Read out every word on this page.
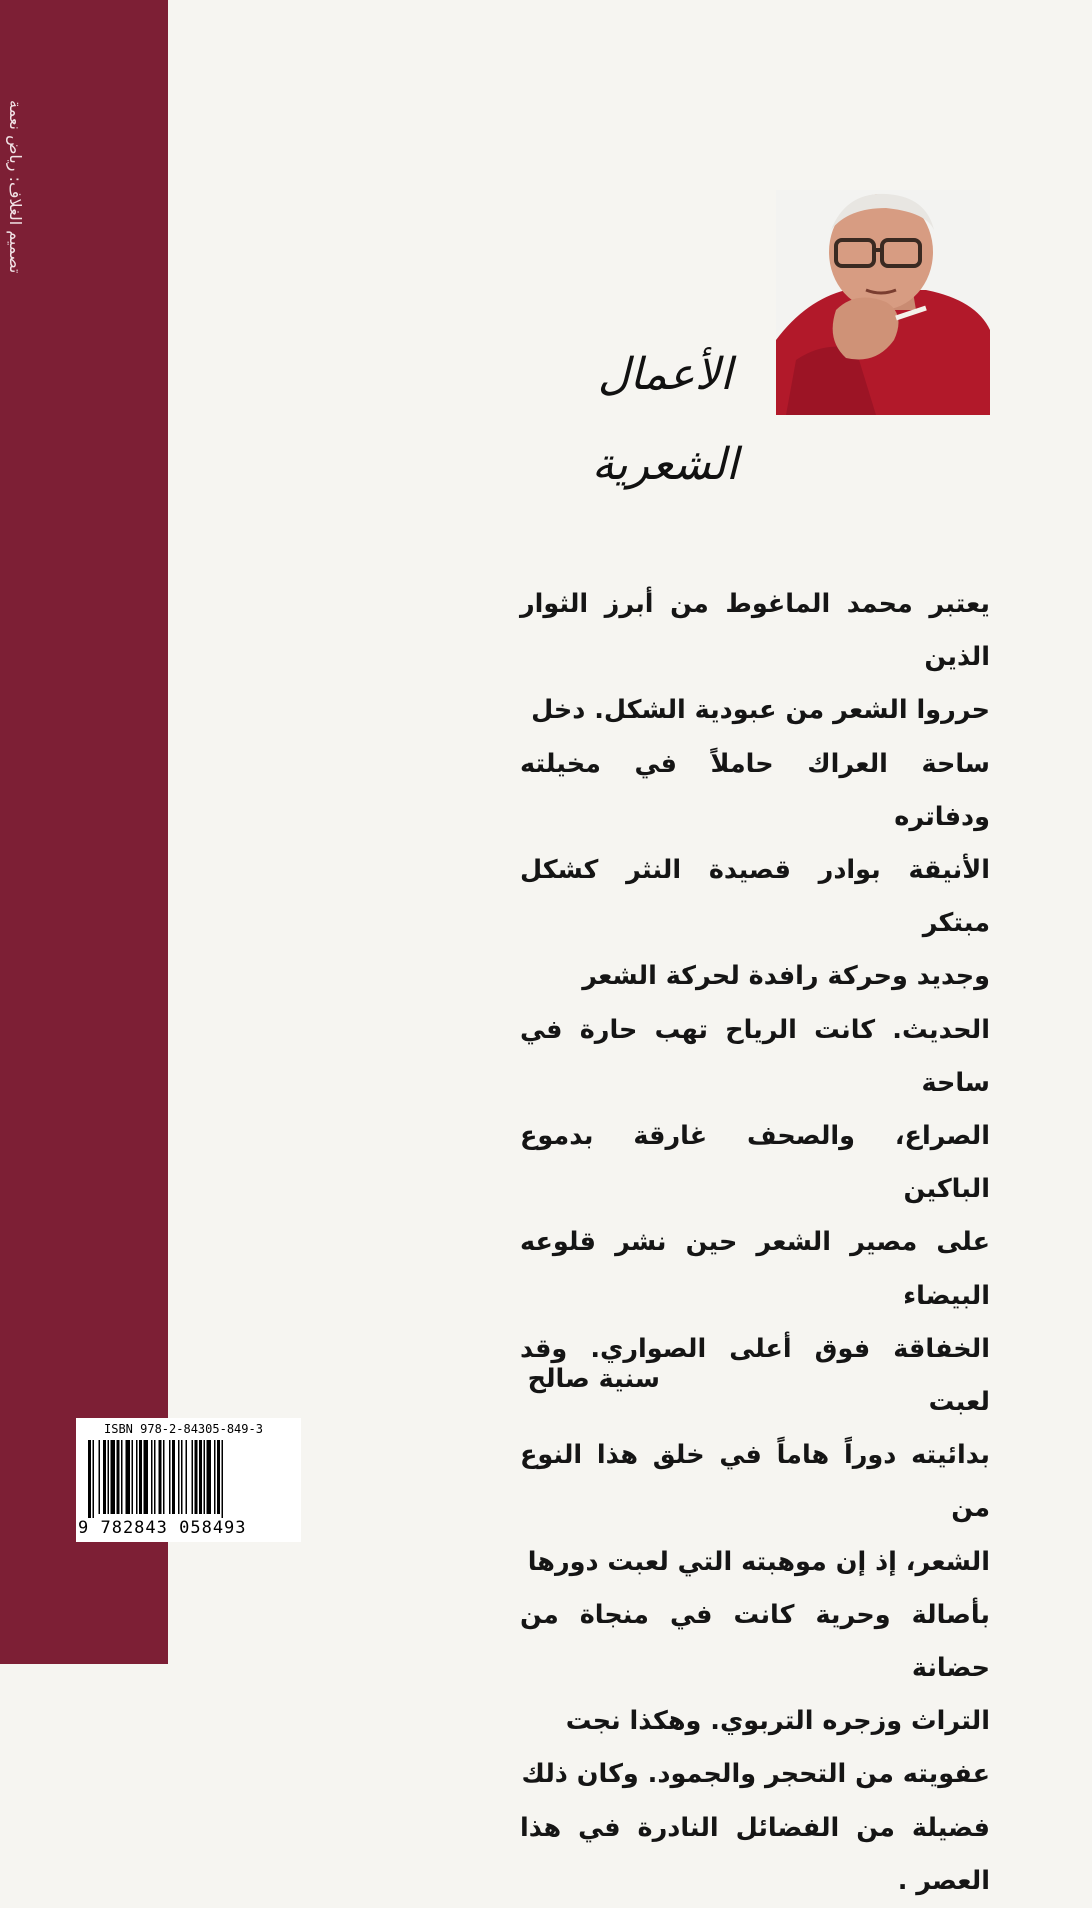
تصميم الغلاف: رياض نعمة
الأعمال الشعرية
يعتبر محمد الماغوط من أبرز الثوار الذين
حرروا الشعر من عبودية الشكل. دخل
ساحة العراك حاملاً في مخيلته ودفاتره
الأنيقة بوادر قصيدة النثر كشكل مبتكر
وجديد وحركة رافدة لحركة الشعر
الحديث. كانت الرياح تهب حارة في ساحة
الصراع، والصحف غارقة بدموع الباكين
على مصير الشعر حين نشر قلوعه البيضاء
الخفاقة فوق أعلى الصواري. وقد لعبت
بدائيته دوراً هاماً في خلق هذا النوع من
الشعر، إذ إن موهبته التي لعبت دورها
بأصالة وحرية كانت في منجاة من حضانة
التراث وزجره التربوي. وهكذا نجت
عفويته من التحجر والجمود. وكان ذلك
فضيلة من الفضائل النادرة في هذا العصر .
سنية صالح
ISBN 978-2-84305-849-3
9 782843 058493
